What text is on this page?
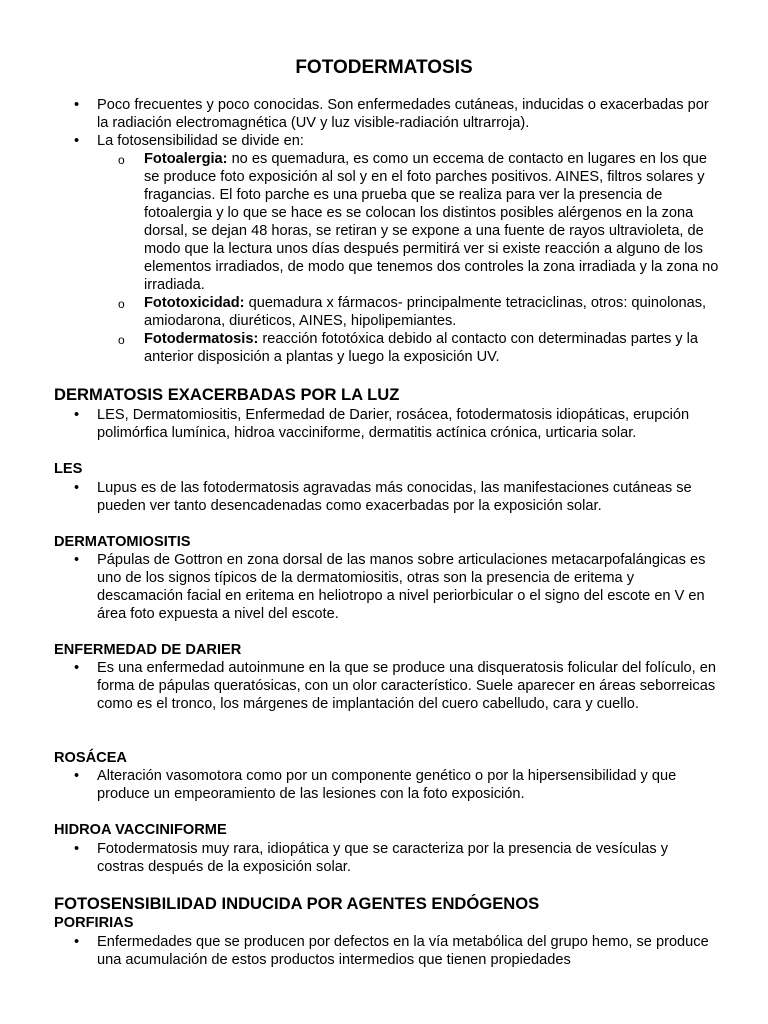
FOTODERMATOSIS
• Poco frecuentes y poco conocidas. Son enfermedades cutáneas, inducidas o exacerbadas por la radiación electromagnética (UV y luz visible-radiación ultrarroja).
• La fotosensibilidad se divide en:
o Fotoalergia: no es quemadura, es como un eccema de contacto en lugares en los que se produce foto exposición al sol y en el foto parches positivos. AINES, filtros solares y fragancias. El foto parche es una prueba que se realiza para ver la presencia de fotoalergia y lo que se hace es se colocan los distintos posibles alérgenos en la zona dorsal, se dejan 48 horas, se retiran y se expone a una fuente de rayos ultravioleta, de modo que la lectura unos días después permitirá ver si existe reacción a alguno de los elementos irradiados, de modo que tenemos dos controles la zona irradiada y la zona no irradiada.
o Fototoxicidad: quemadura x fármacos- principalmente tetraciclinas, otros: quinolonas, amiodarona, diuréticos, AINES, hipolipemiantes.
o Fotodermatosis: reacción fototóxica debido al contacto con determinadas partes y la anterior disposición a plantas y luego la exposición UV.
DERMATOSIS EXACERBADAS POR LA LUZ
• LES, Dermatomiositis, Enfermedad de Darier, rosácea, fotodermatosis idiopáticas, erupción polimórfica lumínica, hidroa vacciniforme, dermatitis actínica crónica, urticaria solar.
LES
• Lupus es de las fotodermatosis agravadas más conocidas, las manifestaciones cutáneas se pueden ver tanto desencadenadas como exacerbadas por la exposición solar.
DERMATOMIOSITIS
• Pápulas de Gottron en zona dorsal de las manos sobre articulaciones metacarpofalángicas es uno de los signos típicos de la dermatomiositis, otras son la presencia de eritema y descamación facial en eritema en heliotropo a nivel periorbicular o el signo del escote en V en área foto expuesta a nivel del escote.
ENFERMEDAD DE DARIER
• Es una enfermedad autoinmune en la que se produce una disqueratosis folicular del folículo, en forma de pápulas queratósicas, con un olor característico. Suele aparecer en áreas seborreicas como es el tronco, los márgenes de implantación del cuero cabelludo, cara y cuello.
ROSÁCEA
• Alteración vasomotora como por un componente genético o por la hipersensibilidad y que produce un empeoramiento de las lesiones con la foto exposición.
HIDROA VACCINIFORME
• Fotodermatosis muy rara, idiopática y que se caracteriza por la presencia de vesículas y costras después de la exposición solar.
FOTOSENSIBILIDAD INDUCIDA POR AGENTES ENDÓGENOS
PORFIRIAS
• Enfermedades que se producen por defectos en la vía metabólica del grupo hemo, se produce una acumulación de estos productos intermedios que tienen propiedades
